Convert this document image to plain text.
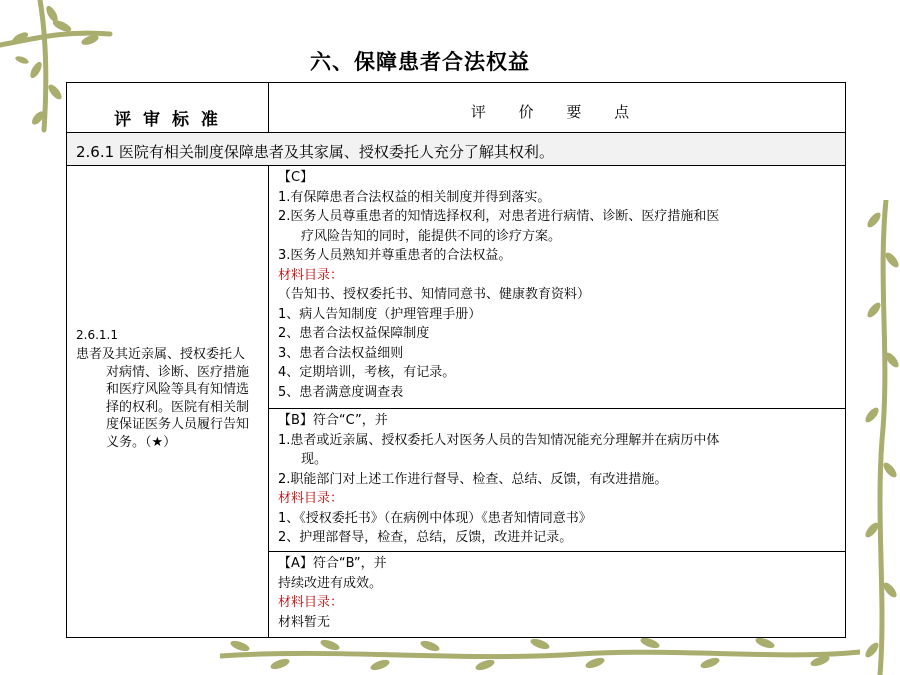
六、保障患者合法权益
评 审 标 准	评 价 要 点
2.6.1 医院有相关制度保障患者及其家属、授权委托人充分了解其权利。
2.6.1.1
患者及其近亲属、授权委托人对病情、诊断、医疗措施和医疗风险等具有知情选择的权利。医院有相关制度保证医务人员履行告知义务。（★）
【C】
1.有保障患者合法权益的相关制度并得到落实。
2.医务人员尊重患者的知情选择权利，对患者进行病情、诊断、医疗措施和医
疗风险告知的同时，能提供不同的诊疗方案。
3.医务人员熟知并尊重患者的合法权益。
材料目录：
（告知书、授权委托书、知情同意书、健康教育资料）
1、病人告知制度（护理管理手册）
2、患者合法权益保障制度
3、患者合法权益细则
4、定期培训，考核，有记录。
5、患者满意度调查表
【B】符合“C”，并
1.患者或近亲属、授权委托人对医务人员的告知情况能充分理解并在病历中体
现。
2.职能部门对上述工作进行督导、检查、总结、反馈，有改进措施。
材料目录：
1、《授权委托书》（在病例中体现）《患者知情同意书》
2、护理部督导，检查，总结，反馈，改进并记录。
【A】符合“B”，并
持续改进有成效。
材料目录：
材料暂无
